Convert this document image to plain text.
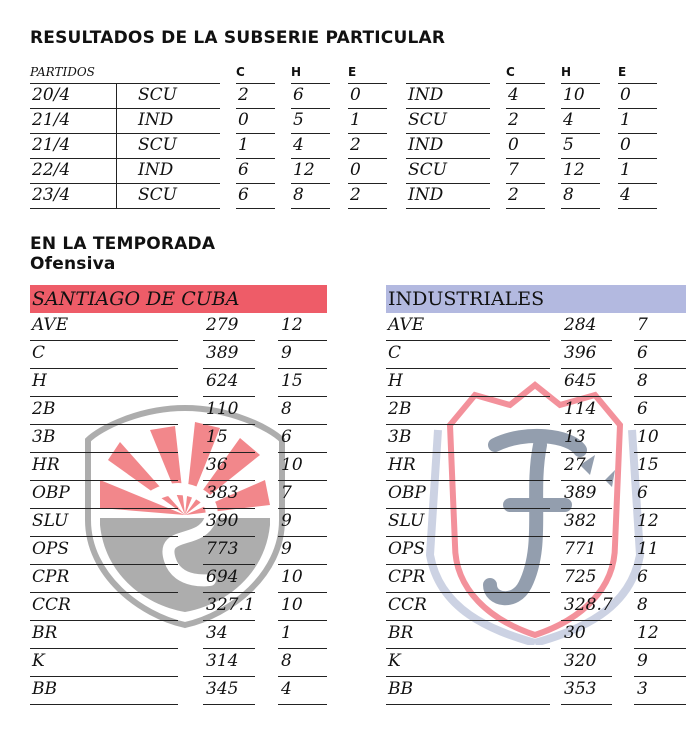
RESULTADOS DE LA SUBSERIE PARTICULAR
PARTIDOS	C	H	E	C	H	E
20/4	SCU	2	6	0	IND	4	10 0
21/4	IND	0	5	1	SCU	2	4	1
21/4	SCU	1	4	2	IND	0	5	0
22/4	IND	6	12 0	SCU	7	12 1
23/4	SCU	6	8	2	IND	2	8	4
EN LA TEMPORADA
Ofensiva
SANTIAGO DE CUBA	INDUSTRIALES
AVE	279	12
C	389	9
H	624	15
2B	110	8
3B	15	6
HR	36	10
OBP	383	7
SLU	390	9
OPS	773	9
CPR	694	10
CCR	327.1 10
BR	34	1
K	314	8
BB	345	4
AVE	284 7
C	396 6
H	645 8
2B	114 6
3B	13	10
HR	27	15
OBP	389 6
SLU	382 12
OPS	771 11
CPR	725 6
CCR	328.7 8
BR	30	12
K	320 9
BB	353 3
